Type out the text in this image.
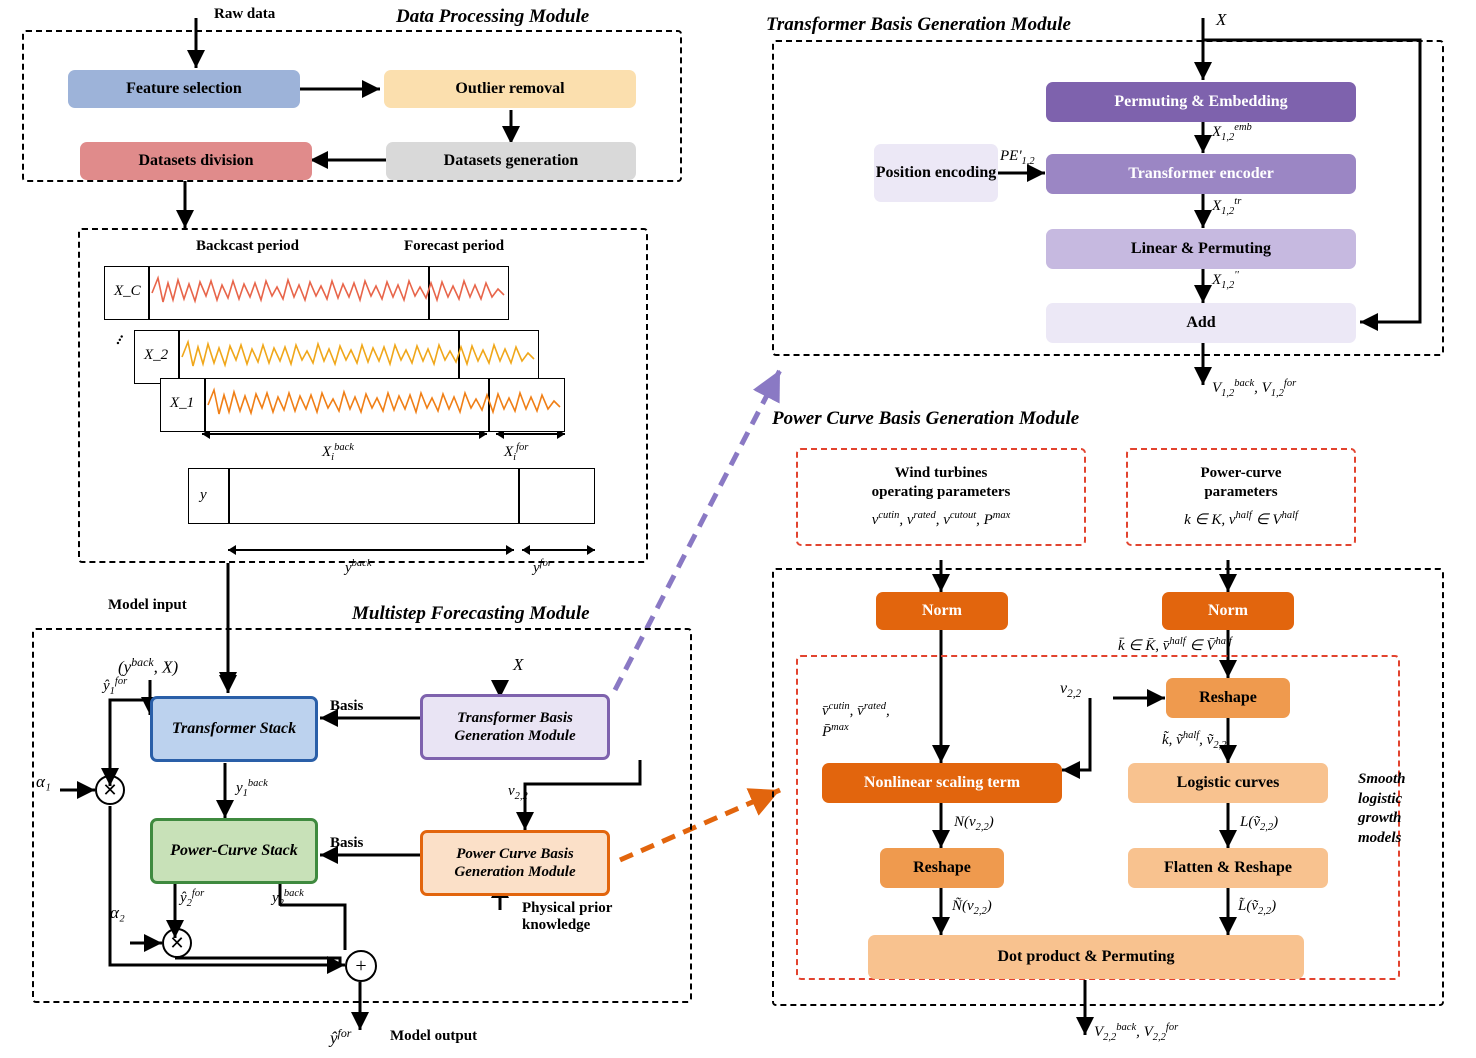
Data Processing Module
Raw data
Feature selection	Outlier removal
Datasets division	Datasets generation
Backcast period	Forecast period
X_C
X_2
X_1
...
$X_i^{back}$	$X_i^{for}$
y
$y^{back}$	$y^{for}$
Multistep Forecasting Module
Model input
Model output
($y^{back}$, X)	X
$ŷ_1^{for}$
α₁	$y_1^{back}$
$ŷ_2^{for}$
α₂
$y_2^{back}$
$v_{2,2}$
$ŷ^{for}$
Basis
Basis
Physical prior
knowledge
Transformer Stack
Power-Curve Stack
Transformer Basis Generation Module
Power Curve Basis Generation Module
✕
✕
+
Transformer Basis Generation Module	X
Position encoding
$PE'_{1,2}$
Permuting & Embedding
Transformer encoder
Linear & Permuting
Add
$X_{1,2}^{emb}$
$X_{1,2}^{tr}$
$X_{1,2}''$
$V_{1,2}^{back}$, $V_{1,2}^{for}$
Power Curve Basis Generation Module
Wind turbines
operating parameters
$v^{cutin}$, $v^{rated}$, $v^{cutout}$, $P^{max}$
Power-curve
parameters
k ∈ K, $v^{half}$ ∈ $V^{half}$
Norm	Norm
v̄$^{cutin}$, v̄$^{rated}$,
P̄$^{max}$
k̄ ∈ K̄, v̄$^{half}$ ∈ V̄$^{half}$
$v_{2,2}$	Reshape
k̃, ṽ$^{half}$, ṽ$_{2,2}$
Nonlinear scaling term	Logistic curves
$N(v_{2,2})$	L(ṽ$_{2,2}$)
Reshape	Flatten & Reshape
$Ñ(v_{2,2})$	L̃(ṽ$_{2,2}$)
Dot product & Permuting
Smooth
logistic
growth
models
$V_{2,2}^{back}$, $V_{2,2}^{for}$
